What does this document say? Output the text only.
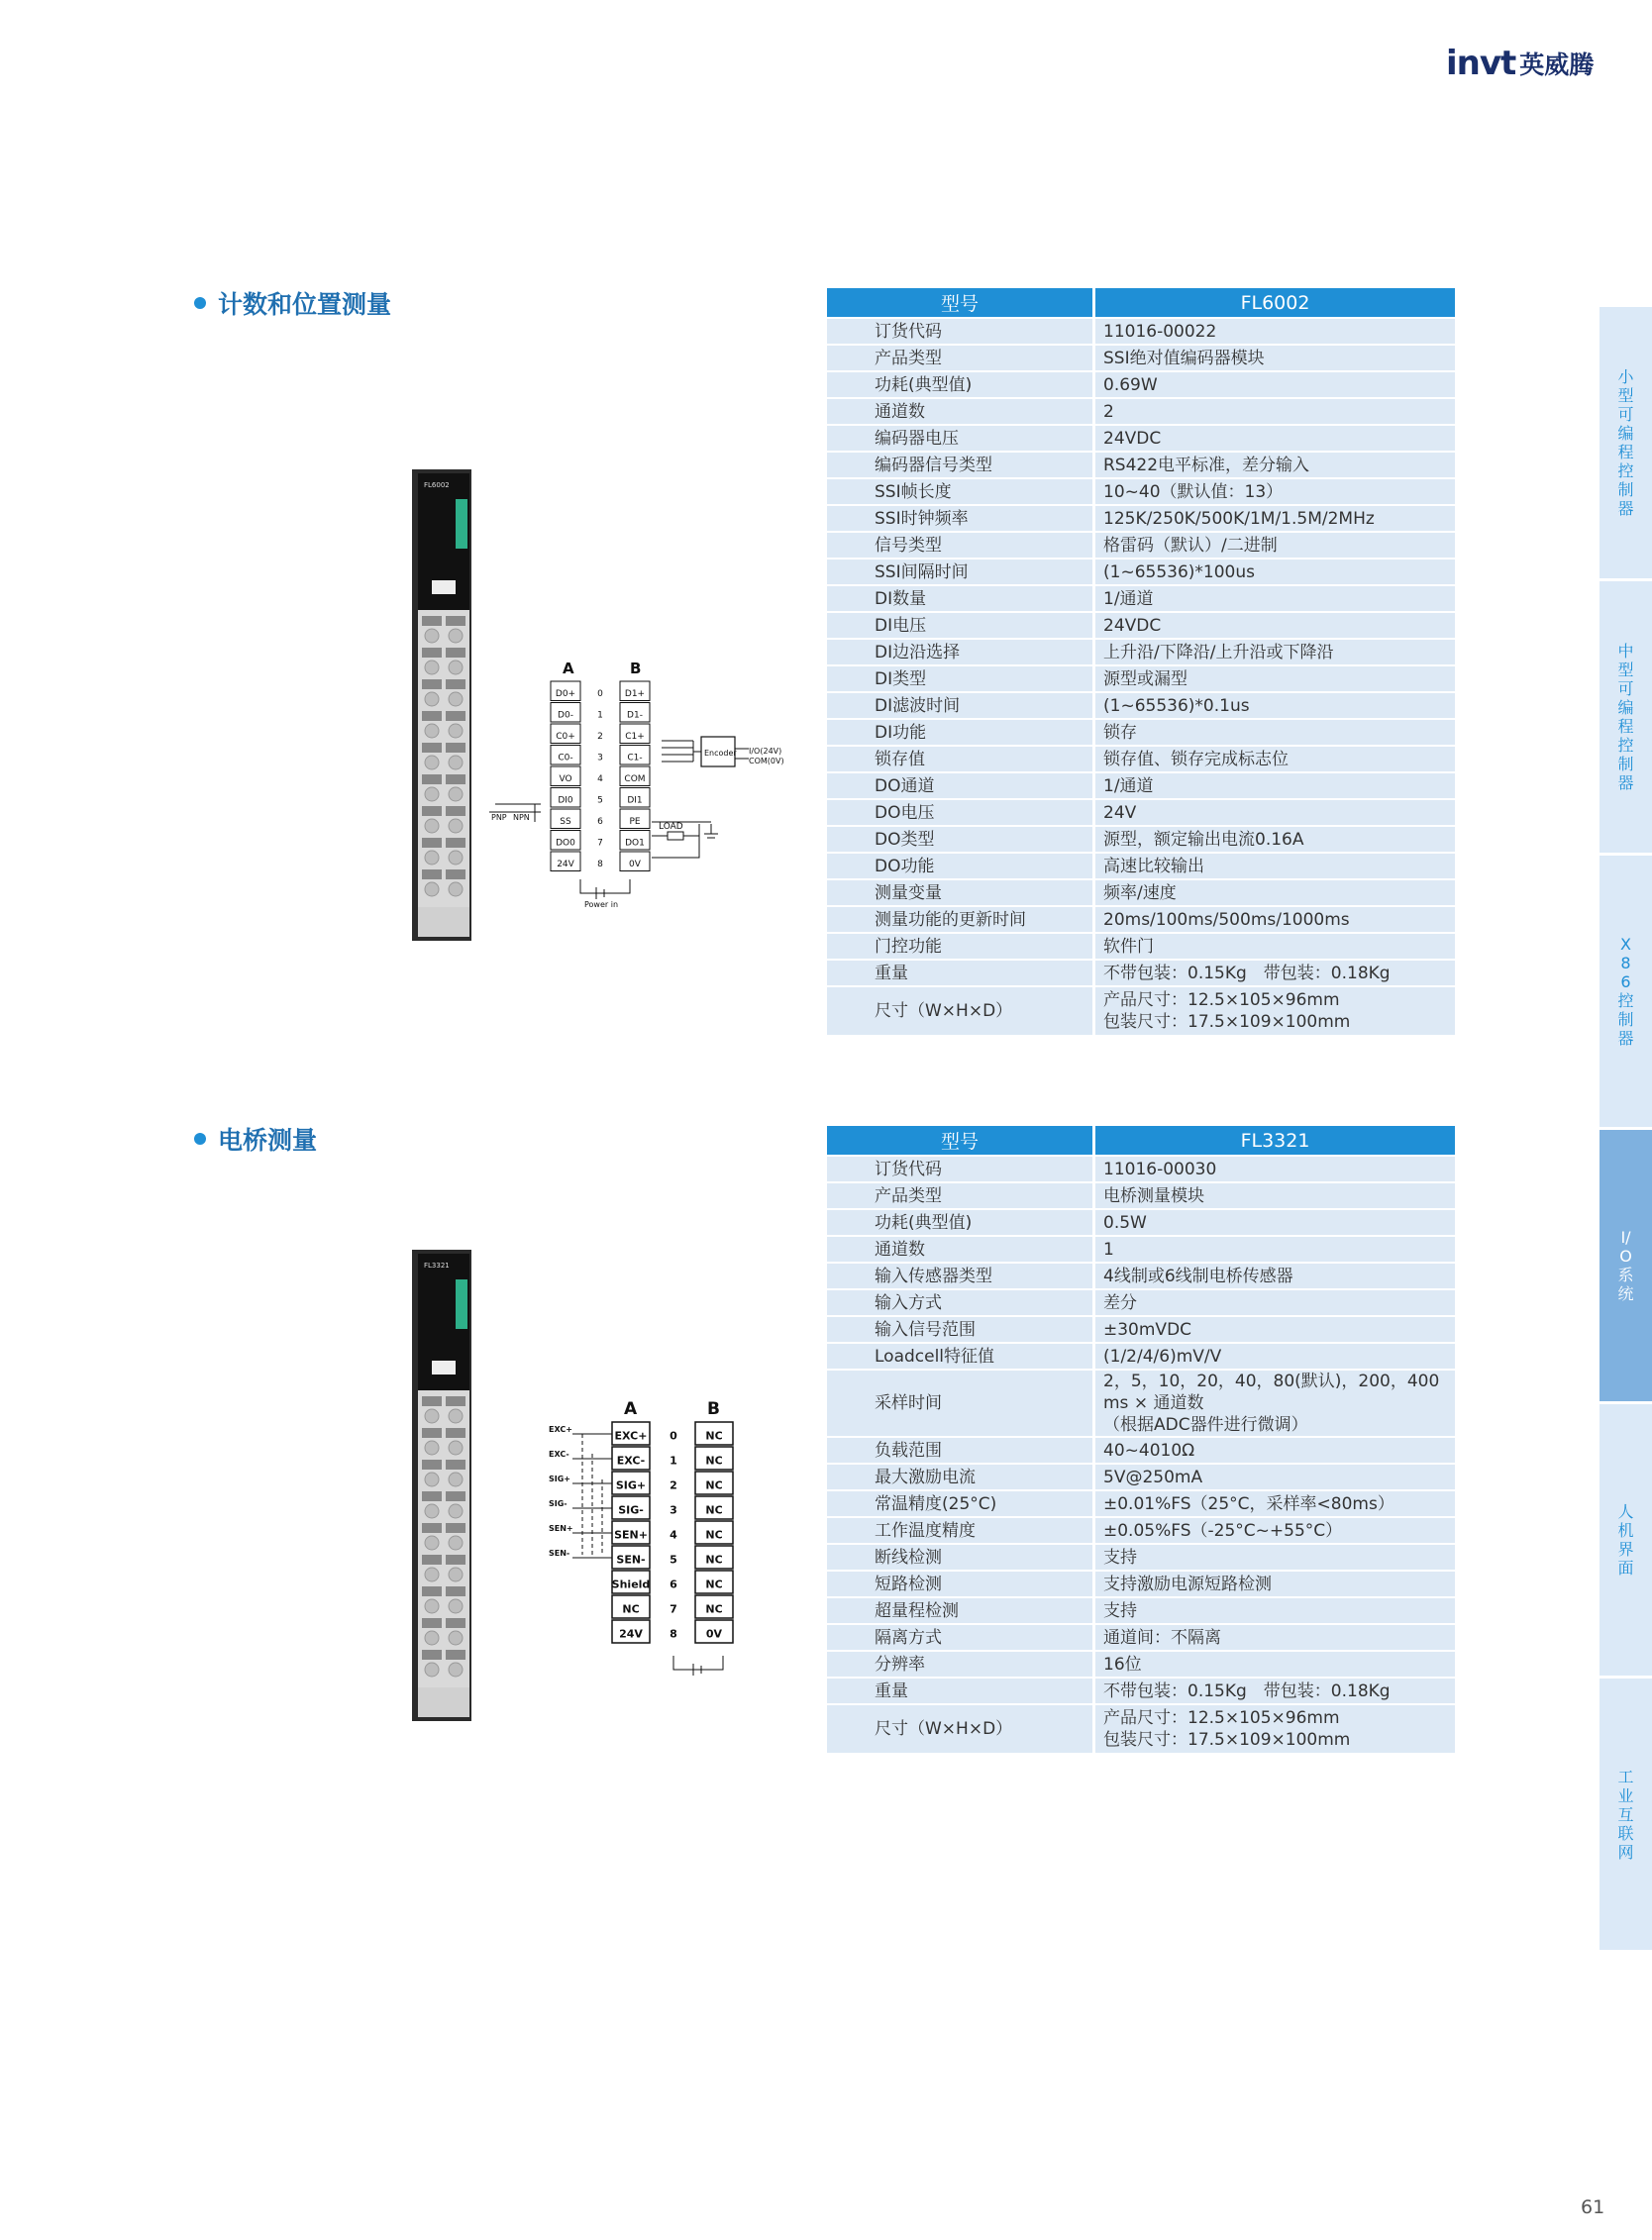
invt 英威腾
计数和位置测量
电桥测量
型号	FL6002
订货代码	11016-00022
产品类型	SSI绝对值编码器模块
功耗(典型值)	0.69W
通道数	2
编码器电压	24VDC
编码器信号类型	RS422电平标准，差分输入
SSI帧长度	10~40（默认值：13）
SSI时钟频率	125K/250K/500K/1M/1.5M/2MHz
信号类型	格雷码（默认）/二进制
SSI间隔时间	(1~65536)*100us
DI数量	1/通道
DI电压	24VDC
DI边沿选择	上升沿/下降沿/上升沿或下降沿
DI类型	源型或漏型
DI滤波时间	(1~65536)*0.1us
DI功能	锁存
锁存值	锁存值、锁存完成标志位
DO通道	1/通道
DO电压	24V
DO类型	源型，额定输出电流0.16A
DO功能	高速比较输出
测量变量	频率/速度
测量功能的更新时间	20ms/100ms/500ms/1000ms
门控功能	软件门
重量	不带包装：0.15Kg　带包装：0.18Kg
尺寸（W×H×D）	产品尺寸：12.5×105×96mm
包装尺寸：17.5×109×100mm
型号	FL3321
订货代码	11016-00030
产品类型	电桥测量模块
功耗(典型值)	0.5W
通道数	1
输入传感器类型	4线制或6线制电桥传感器
输入方式	差分
输入信号范围	±30mVDC
Loadcell特征值	(1/2/4/6)mV/V
采样时间	2，5，10，20，40，80(默认)，200，400 ms × 通道数
（根据ADC器件进行微调）

负载范围	40~4010Ω
最大激励电流	5V@250mA
常温精度(25°C)	±0.01%FS（25°C，采样率<80ms）
工作温度精度	±0.05%FS（-25°C~+55°C）
断线检测	支持
短路检测	支持激励电源短路检测
超量程检测	支持
隔离方式	通道间：不隔离
分辨率	16位
重量	不带包装：0.15Kg　带包装：0.18Kg
尺寸（W×H×D）	产品尺寸：12.5×105×96mm
包装尺寸：17.5×109×100mm
FL6002
FL3321
A	B
D0+ 0 D1+
D0-	1	D1-
C0+ 2 C1+
C0-	3	C1-
VO	4 COM
DI0	5	DI1
SS	6	PE
DO0 7 DO1
24V	8	0V
Encoder I/O(24V)
COM(0V)
LOAD
PNP NPN
Power in
A	B
EXC+ 0	NC
EXC- 1	NC
SIG+ 2	NC
SIG- 3	NC
SEN+ 4	NC
SEN- 5	NC
Shield 6	NC
NC	7	NC
24V 8	0V
EXC+
EXC-
SIG+
SIG-
SEN+
SEN-
小型可编程控制器
中型可编程控制器
X86控制器
I/O系统
人机界面
工业互联网
61
